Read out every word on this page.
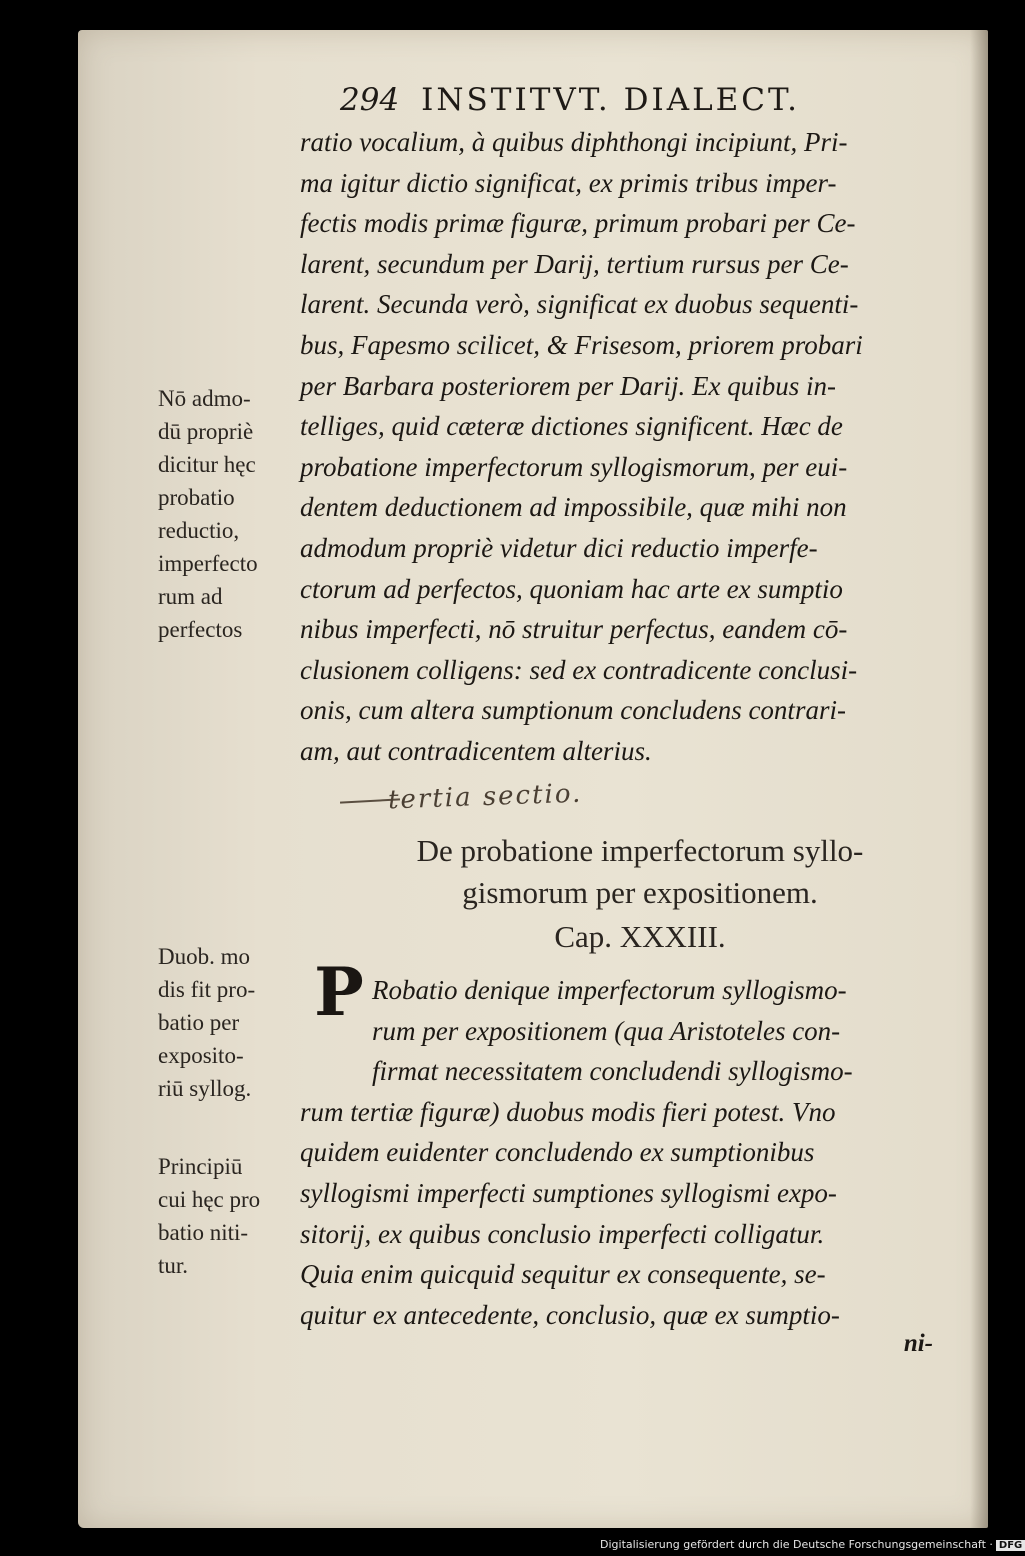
294 INSTITVT. DIALECT.
ratio vocalium, à quibus diphthongi incipiunt, Pri-
ma igitur dictio significat, ex primis tribus imper-
fectis modis primæ figuræ, primum probari per Ce-
larent, secundum per Darij, tertium rursus per Ce-
larent. Secunda verò, significat ex duobus sequenti-
bus, Fapesmo scilicet, & Frisesom, priorem probari
per Barbara posteriorem per Darij. Ex quibus in-
telliges, quid cæteræ dictiones significent. Hæc de
probatione imperfectorum syllogismorum, per eui-
dentem deductionem ad impossibile, quæ mihi non
admodum propriè videtur dici reductio imperfe-
ctorum ad perfectos, quoniam hac arte ex sumptio
nibus imperfecti, nō struitur perfectus, eandem cō-
clusionem colligens: sed ex contradicente conclusi-
onis, cum altera sumptionum concludens contrari-
am, aut contradicentem alterius.
Nō admo-
dū propriè
dicitur hęc
probatio
reductio,
imperfecto
rum ad
perfectos
tertia sectio.
De probatione imperfectorum syllo-
gismorum per expositionem.
Cap. XXXIII.
P Robatio denique imperfectorum syllogismo-
rum per expositionem (qua Aristoteles con-
firmat necessitatem concludendi syllogismo-
rum tertiæ figuræ) duobus modis fieri potest. Vno
quidem euidenter concludendo ex sumptionibus
syllogismi imperfecti sumptiones syllogismi expo-
sitorij, ex quibus conclusio imperfecti colligatur.
Quia enim quicquid sequitur ex consequente, se-
quitur ex antecedente, conclusio, quæ ex sumptio-
Duob. mo
dis fit pro-
batio per
exposito-
riū syllog.
Principiū
cui hęc pro
batio niti-
tur.
ni-
Digitalisierung gefördert durch die Deutsche Forschungsgemeinschaft · DFG
